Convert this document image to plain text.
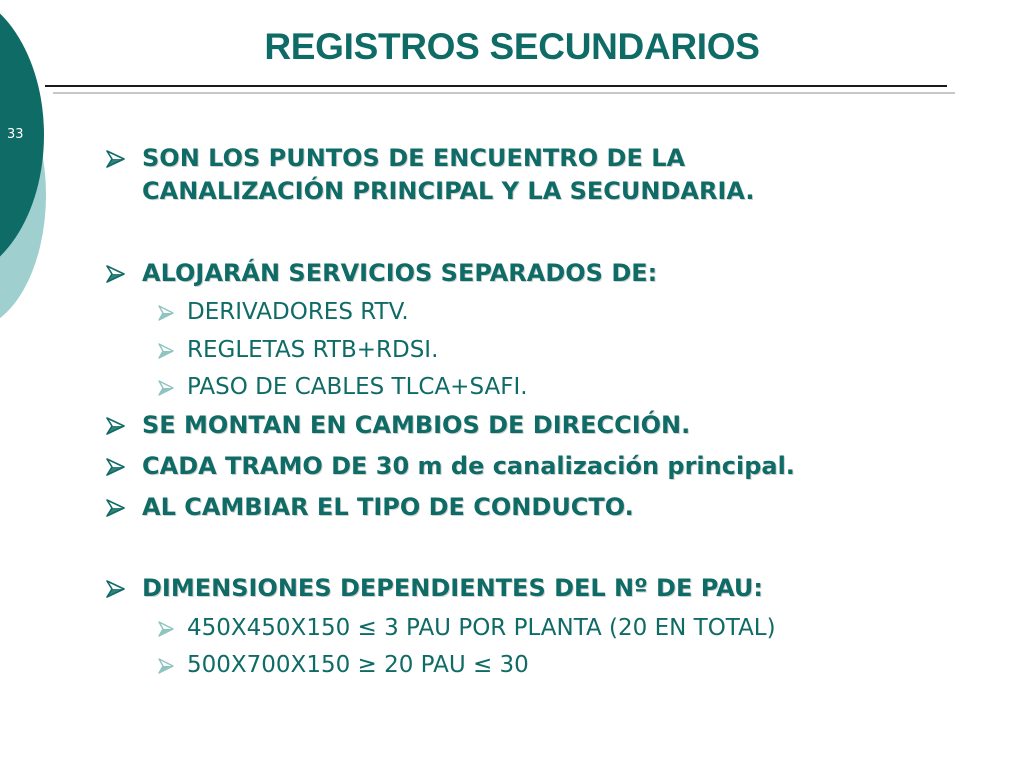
33
REGISTROS SECUNDARIOS
SON LOS PUNTOS DE ENCUENTRO DE LA
CANALIZACIÓN PRINCIPAL Y LA SECUNDARIA.
ALOJARÁN SERVICIOS SEPARADOS DE:
DERIVADORES RTV.
REGLETAS RTB+RDSI.
PASO DE CABLES TLCA+SAFI.
SE MONTAN EN CAMBIOS DE DIRECCIÓN.
CADA TRAMO DE 30 m de canalización principal.
AL CAMBIAR EL TIPO DE CONDUCTO.
DIMENSIONES DEPENDIENTES DEL Nº DE PAU:
450X450X150 ≤ 3 PAU POR PLANTA (20 EN TOTAL)
500X700X150 ≥ 20 PAU ≤ 30
